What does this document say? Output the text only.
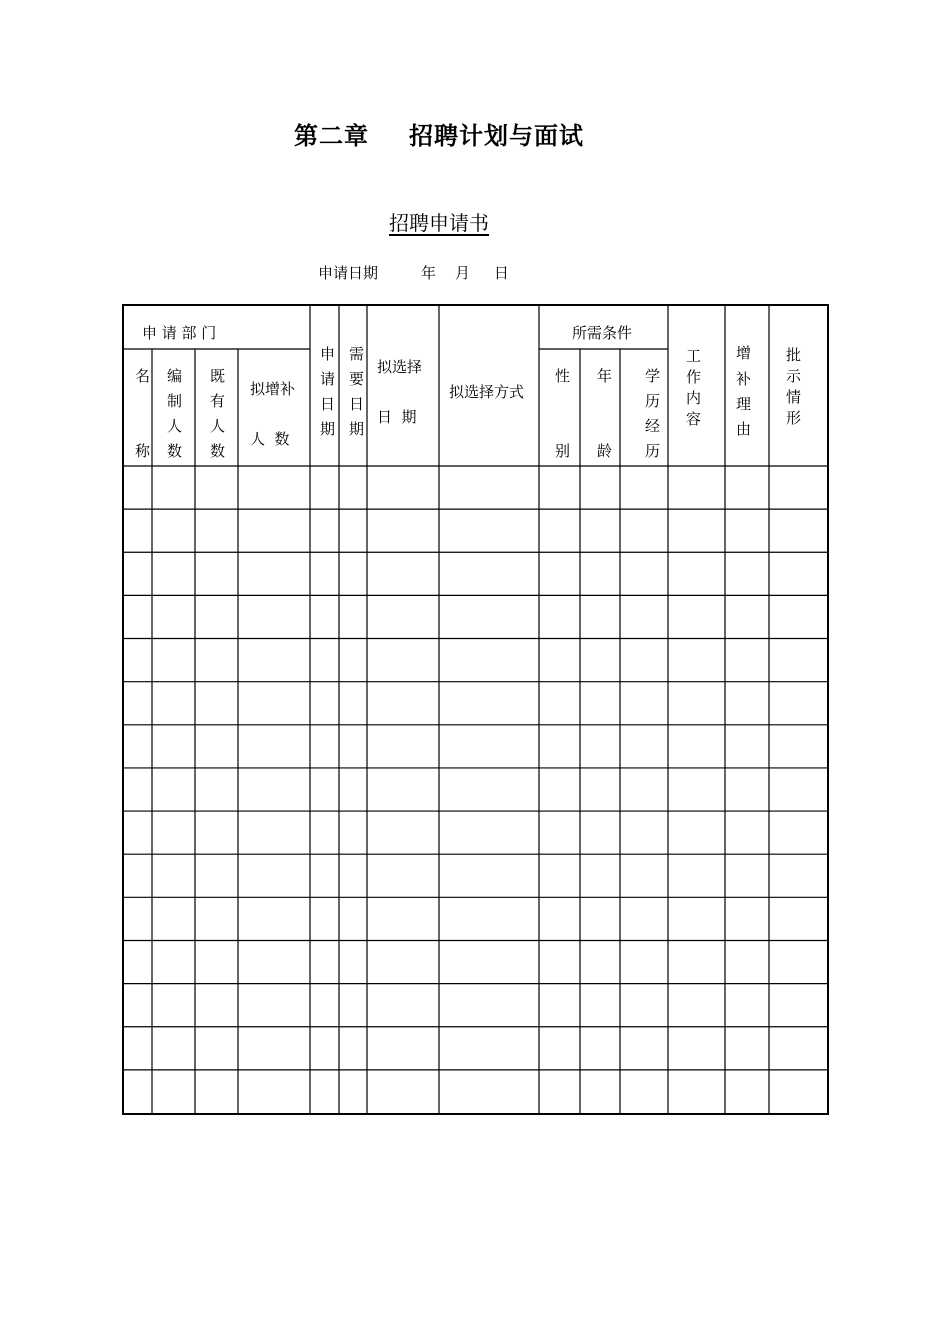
第二章 招聘计划与面试
招聘申请书
申请日期	年 月 日
申 请 部 门
名
称
编
制
人
数
既
有
人
数
拟增补
人  数
申
请
日
期
需
要
日
期
拟选择
日  期
拟选择方式
所需条件
性
别
年
龄
学
历
经
历
工
作
内
容
增
补
理
由
批
示
情
形
